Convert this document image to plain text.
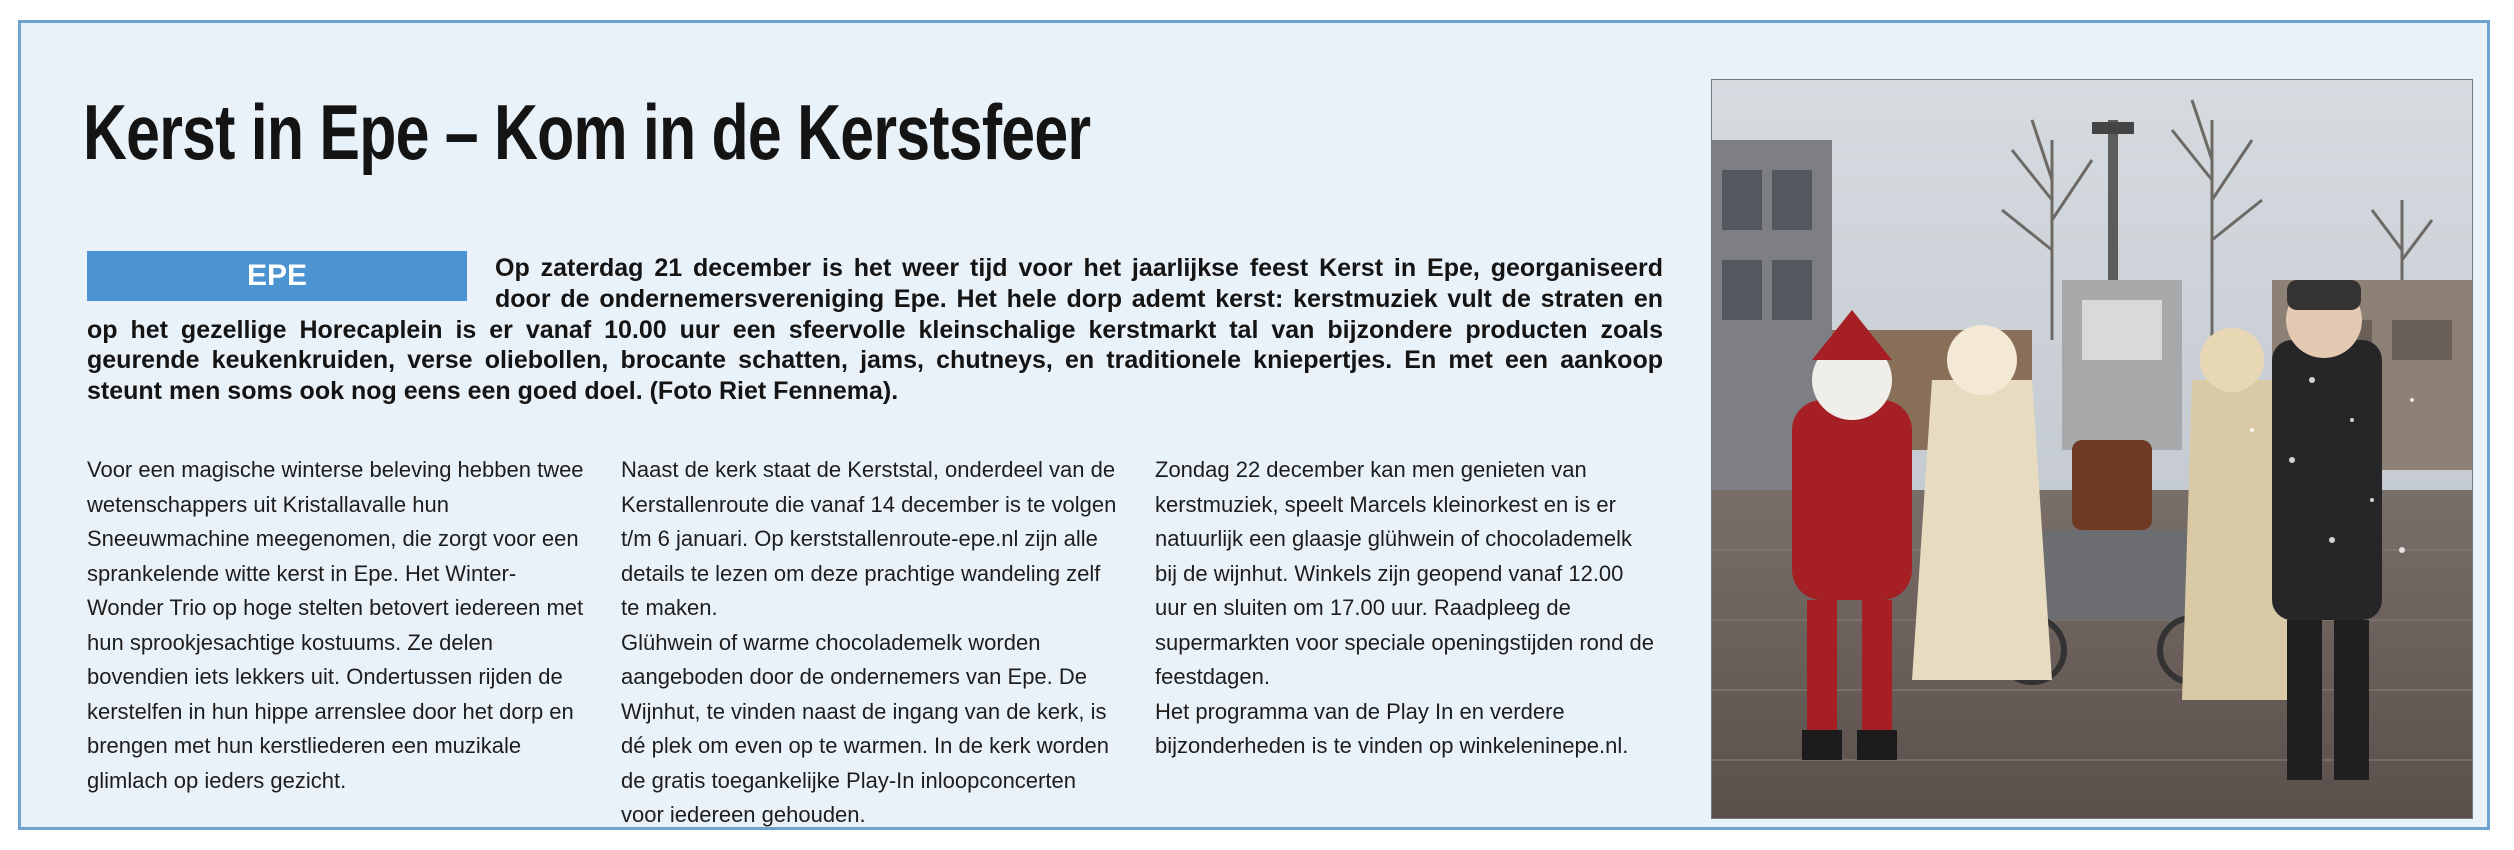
Kerst in Epe – Kom in de Kerstsfeer
EPE	Op zaterdag 21 december is het weer tijd voor het jaarlijkse feest Kerst in Epe, georganiseerd door de ondernemersvereniging Epe. Het hele dorp ademt kerst: kerstmuziek vult de straten en op het gezellige Horecaplein is er vanaf 10.00 uur een sfeervolle kleinschalige kerstmarkt tal van bijzondere producten zoals geurende keukenkruiden, verse oliebollen, brocante schatten, jams, chutneys, en traditionele kniepertjes. En met een aankoop steunt men soms ook nog eens een goed doel. (Foto Riet Fennema).

Voor een magische winterse beleving hebben twee wetenschappers uit Kristallavalle hun Sneeuwmachine meegenomen, die zorgt voor een sprankelende witte kerst in Epe. Het Winter-Wonder Trio op hoge stelten betovert iedereen met hun sprookjesachtige kostuums. Ze delen bovendien iets lekkers uit. Ondertussen rijden de kerstelfen in hun hippe arrenslee door het dorp en brengen met hun kerstliederen een muzikale glimlach op ieders gezicht.

Naast de kerk staat de Kerststal, onderdeel van de Kerstallenroute die vanaf 14 december is te volgen t/m 6 januari. Op kerststallenroute-epe.nl zijn alle details te lezen om deze prachtige wandeling zelf te maken.

Glühwein of warme chocolademelk worden aangeboden door de ondernemers van Epe. De Wijnhut, te vinden naast de ingang van de kerk, is dé plek om even op te warmen. In de kerk worden de gratis toegankelijke Play-In inloopconcerten voor iedereen gehouden.

Zondag 22 december kan men genieten van kerstmuziek, speelt Marcels kleinorkest en is er natuurlijk een glaasje glühwein of chocolademelk bij de wijnhut. Winkels zijn geopend vanaf 12.00 uur en sluiten om 17.00 uur. Raadpleeg de supermarkten voor speciale openingstijden rond de feestdagen.

Het programma van de Play In en verdere bijzonderheden is te vinden op winkeleninepe.nl.
